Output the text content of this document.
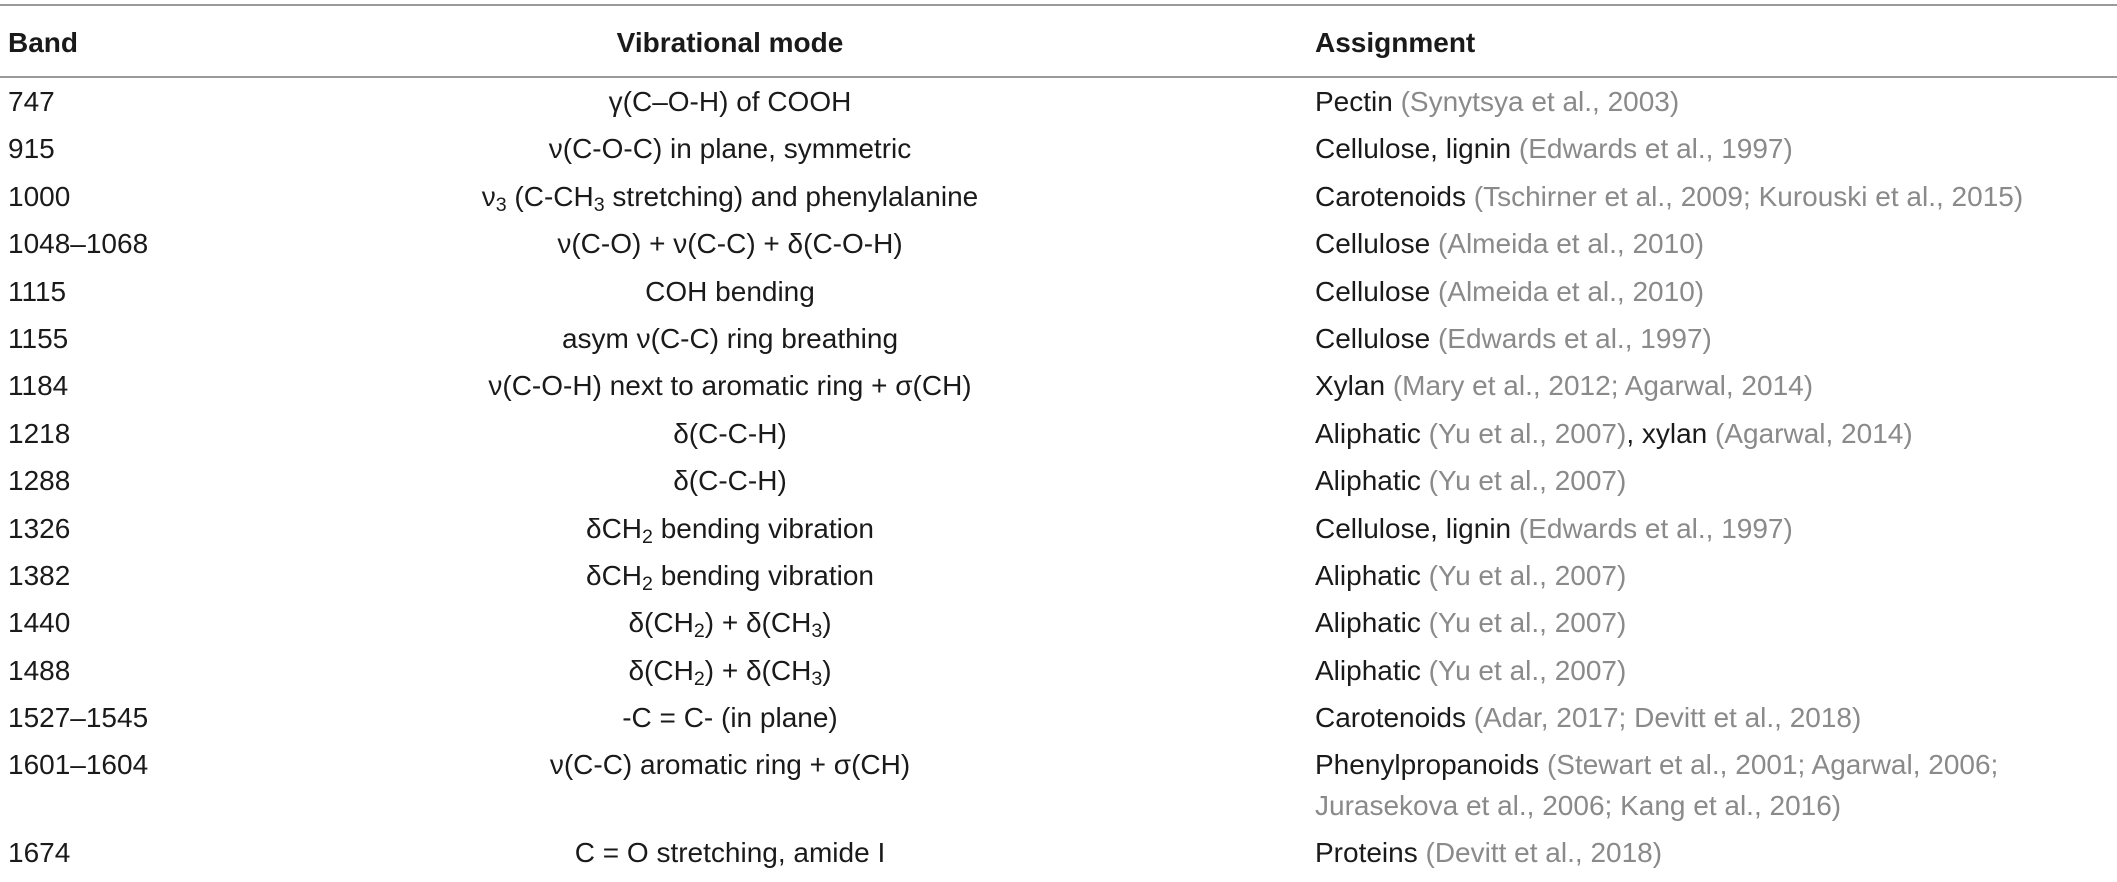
Band	Vibrational mode	Assignment
747	γ(C–O-H) of COOH	Pectin (Synytsya et al., 2003)
915	ν(C-O-C) in plane, symmetric	Cellulose, lignin (Edwards et al., 1997)
1000	$\nu_3$ ($C-CH_3$ stretching) and phenylalanine	Carotenoids (Tschirner et al., 2009; Kurouski et al., 2015)
1048–1068	ν(C-O) + ν(C-C) + δ(C-O-H)	Cellulose (Almeida et al., 2010)
1115	COH bending	Cellulose (Almeida et al., 2010)
1155	asym ν(C-C) ring breathing	Cellulose (Edwards et al., 1997)
1184	ν(C-O-H) next to aromatic ring + σ(CH)	Xylan (Mary et al., 2012; Agarwal, 2014)
1218	δ(C-C-H)	Aliphatic (Yu et al., 2007), xylan (Agarwal, 2014)
1288	δ(C-C-H)	Aliphatic (Yu et al., 2007)
1326	δCH$_2$ bending vibration	Cellulose, lignin (Edwards et al., 1997)
1382	δCH$_2$ bending vibration	Aliphatic (Yu et al., 2007)
1440	$\delta(CH_2) + \delta(CH_3)$	Aliphatic (Yu et al., 2007)
1488	$\delta(CH_2) + \delta(CH_3)$	Aliphatic (Yu et al., 2007)
1527–1545	-C = C- (in plane)	Carotenoids (Adar, 2017; Devitt et al., 2018)
1601–1604	ν(C-C) aromatic ring + σ(CH)	Phenylpropanoids (Stewart et al., 2001; Agarwal, 2006;
Jurasekova et al., 2006; Kang et al., 2016)
1674	C = O stretching, amide I	Proteins (Devitt et al., 2018)
